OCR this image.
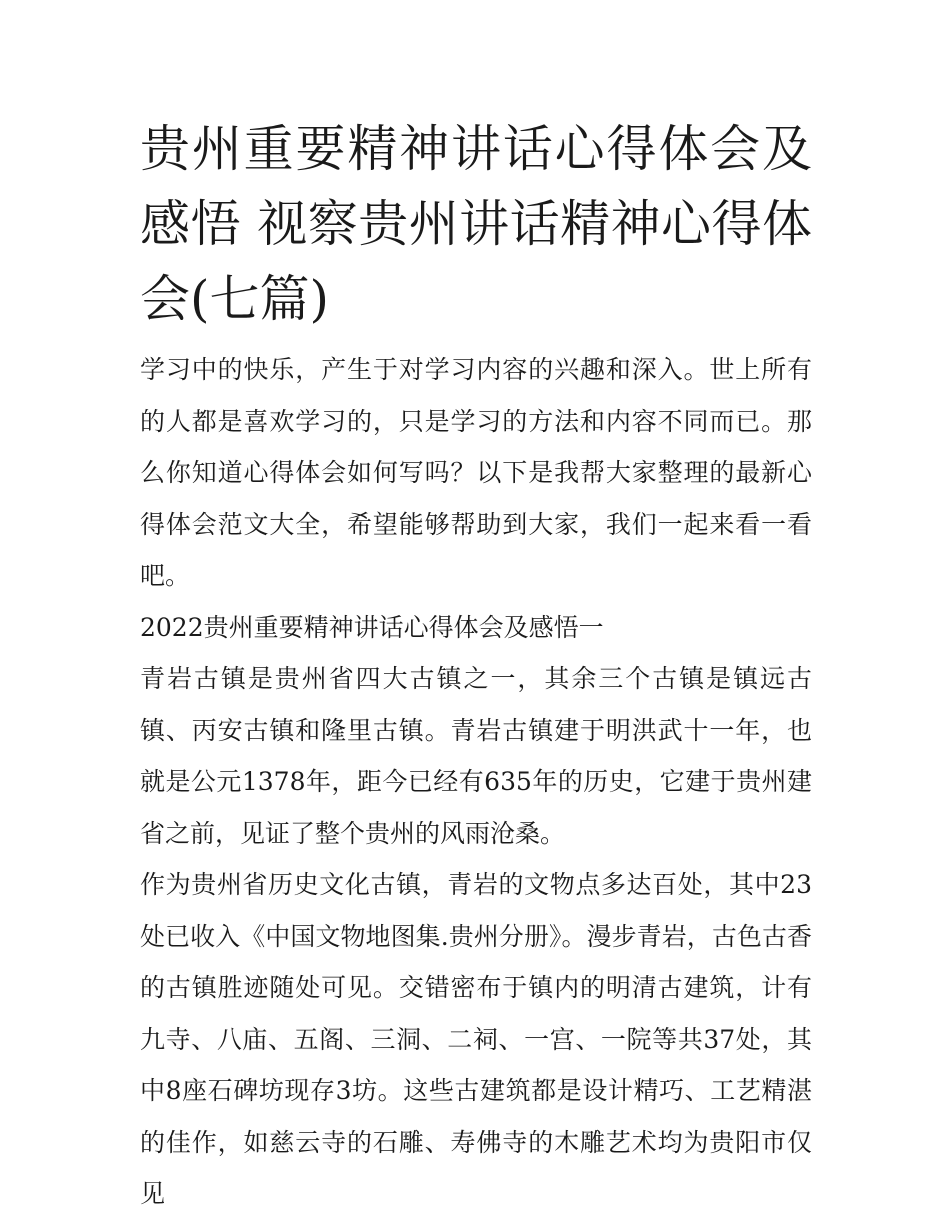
贵州重要精神讲话心得体会及感悟 视察贵州讲话精神心得体会(七篇)

学习中的快乐，产生于对学习内容的兴趣和深入。世上所有的人都是喜欢学习的，只是学习的方法和内容不同而已。那么你知道心得体会如何写吗？以下是我帮大家整理的最新心得体会范文大全，希望能够帮助到大家，我们一起来看一看吧。

2022贵州重要精神讲话心得体会及感悟一

青岩古镇是贵州省四大古镇之一，其余三个古镇是镇远古镇、丙安古镇和隆里古镇。青岩古镇建于明洪武十一年，也就是公元1378年，距今已经有635年的历史，它建于贵州建省之前，见证了整个贵州的风雨沧桑。

作为贵州省历史文化古镇，青岩的文物点多达百处，其中23处已收入《中国文物地图集.贵州分册》。漫步青岩，古色古香的古镇胜迹随处可见。交错密布于镇内的明清古建筑，计有九寺、八庙、五阁、三洞、二祠、一宫、一院等共37处，其中8座石碑坊现存3坊。这些古建筑都是设计精巧、工艺精湛的佳作，如慈云寺的石雕、寿佛寺的木雕艺术均为贵阳市仅见
